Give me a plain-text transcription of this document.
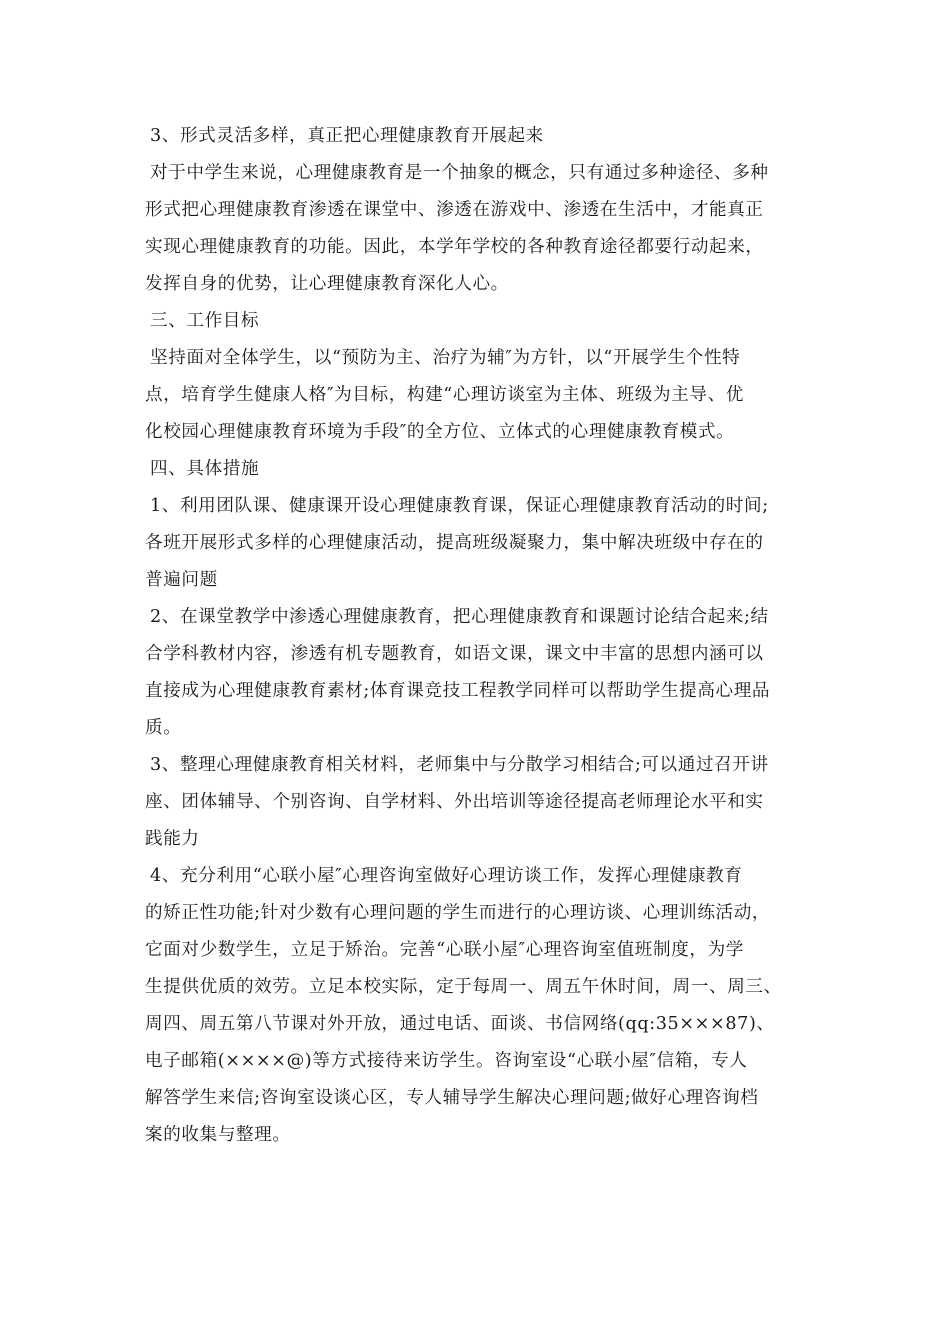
3、形式灵活多样，真正把心理健康教育开展起来

对于中学生来说，心理健康教育是一个抽象的概念，只有通过多种途径、多种

形式把心理健康教育渗透在课堂中、渗透在游戏中、渗透在生活中，才能真正

实现心理健康教育的功能。因此，本学年学校的各种教育途径都要行动起来，

发挥自身的优势，让心理健康教育深化人心。

三、工作目标

坚持面对全体学生，以“预防为主、治疗为辅″为方针，以“开展学生个性特

点，培育学生健康人格″为目标，构建“心理访谈室为主体、班级为主导、优

化校园心理健康教育环境为手段″的全方位、立体式的心理健康教育模式。

四、具体措施

1、利用团队课、健康课开设心理健康教育课，保证心理健康教育活动的时间;

各班开展形式多样的心理健康活动，提高班级凝聚力，集中解决班级中存在的

普遍问题

2、在课堂教学中渗透心理健康教育，把心理健康教育和课题讨论结合起来;结

合学科教材内容，渗透有机专题教育，如语文课，课文中丰富的思想内涵可以

直接成为心理健康教育素材;体育课竞技工程教学同样可以帮助学生提高心理品

质。

3、整理心理健康教育相关材料，老师集中与分散学习相结合;可以通过召开讲

座、团体辅导、个别咨询、自学材料、外出培训等途径提高老师理论水平和实

践能力

4、充分利用“心联小屋″心理咨询室做好心理访谈工作，发挥心理健康教育

的矫正性功能;针对少数有心理问题的学生而进行的心理访谈、心理训练活动，

它面对少数学生，立足于矫治。完善“心联小屋″心理咨询室值班制度，为学

生提供优质的效劳。立足本校实际，定于每周一、周五午休时间，周一、周三、

周四、周五第八节课对外开放，通过电话、面谈、书信网络(qq:35×××87)、

电子邮箱(××××@)等方式接待来访学生。咨询室设“心联小屋″信箱，专人

解答学生来信;咨询室设谈心区，专人辅导学生解决心理问题;做好心理咨询档

案的收集与整理。
